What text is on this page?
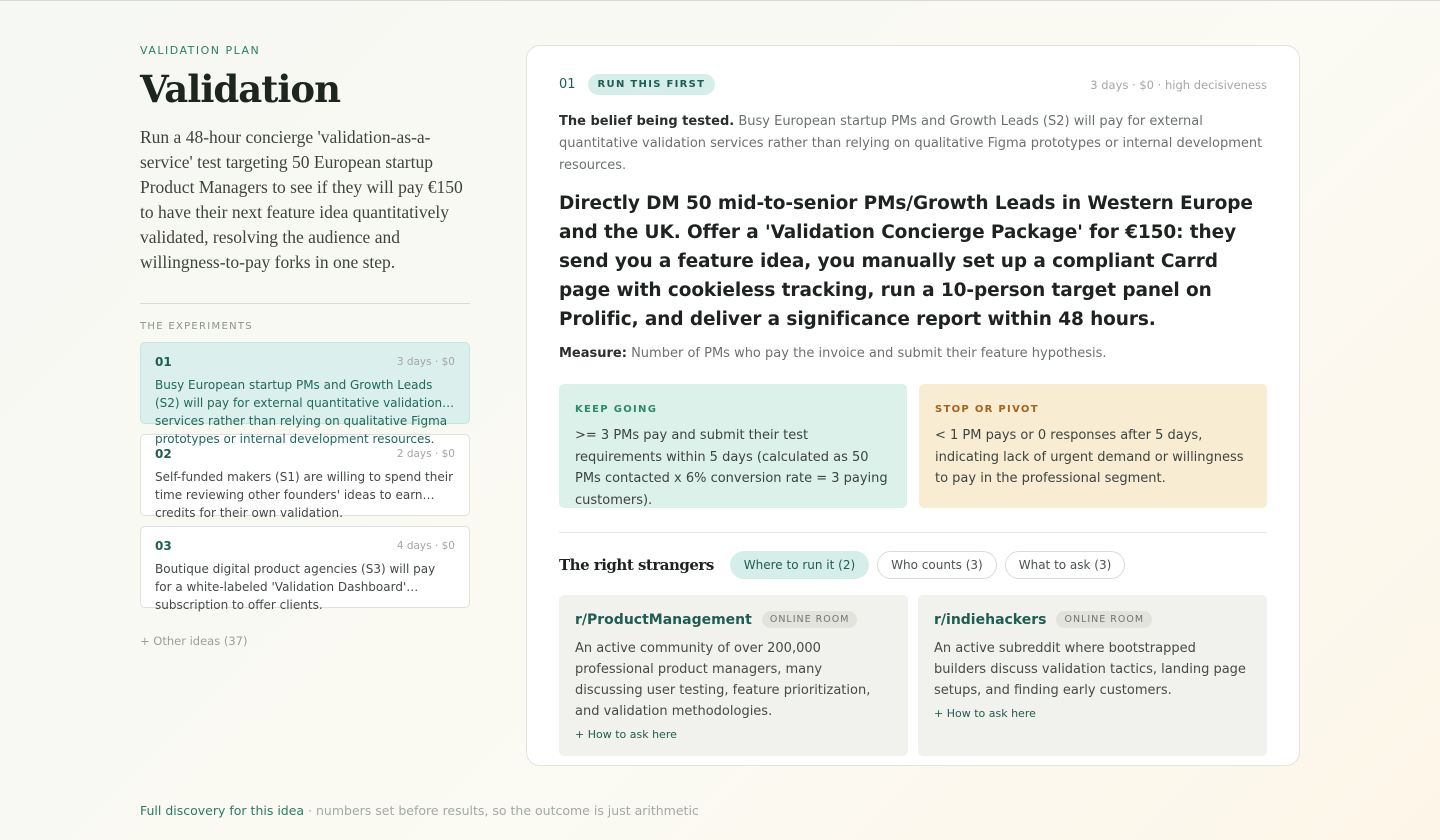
VALIDATION PLAN
Validation

Run a 48-hour concierge 'validation-as-a-service' test targeting 50 European startup Product Managers to see if they will pay €150 to have their next feature idea quantitatively validated, resolving the audience and willingness-to-pay forks in one step.

THE EXPERIMENTS
01	3 days · $0
Busy European startup PMs and Growth Leads (S2) will pay for external quantitative validation services rather than relying on qualitative Figma prototypes or internal development resources.
02	2 days · $0
Self-funded makers (S1) are willing to spend their time reviewing other founders' ideas to earn credits for their own validation.
03	4 days · $0
Boutique digital product agencies (S3) will pay for a white-labeled 'Validation Dashboard' subscription to offer clients.
+ Other ideas (37)
01	RUN THIS FIRST	3 days · $0 · high decisiveness

The belief being tested. Busy European startup PMs and Growth Leads (S2) will pay for external quantitative validation services rather than relying on qualitative Figma prototypes or internal development resources.

Directly DM 50 mid-to-senior PMs/Growth Leads in Western Europe and the UK. Offer a 'Validation Concierge Package' for €150: they send you a feature idea, you manually set up a compliant Carrd page with cookieless tracking, run a 10-person target panel on Prolific, and deliver a significance report within 48 hours.

Measure: Number of PMs who pay the invoice and submit their feature hypothesis.

KEEP GOING
>= 3 PMs pay and submit their test requirements within 5 days (calculated as 50 PMs contacted x 6% conversion rate = 3 paying customers).
STOP OR PIVOT
< 1 PM pays or 0 responses after 5 days, indicating lack of urgent demand or willingness to pay in the professional segment.
The right strangers	Where to run it (2)	Who counts (3)	What to ask (3)
r/ProductManagement	ONLINE ROOM
An active community of over 200,000 professional product managers, many discussing user testing, feature prioritization, and validation methodologies.
+ How to ask here
r/indiehackers	ONLINE ROOM
An active subreddit where bootstrapped builders discuss validation tactics, landing page setups, and finding early customers.
+ How to ask here
Full discovery for this idea · numbers set before results, so the outcome is just arithmetic
